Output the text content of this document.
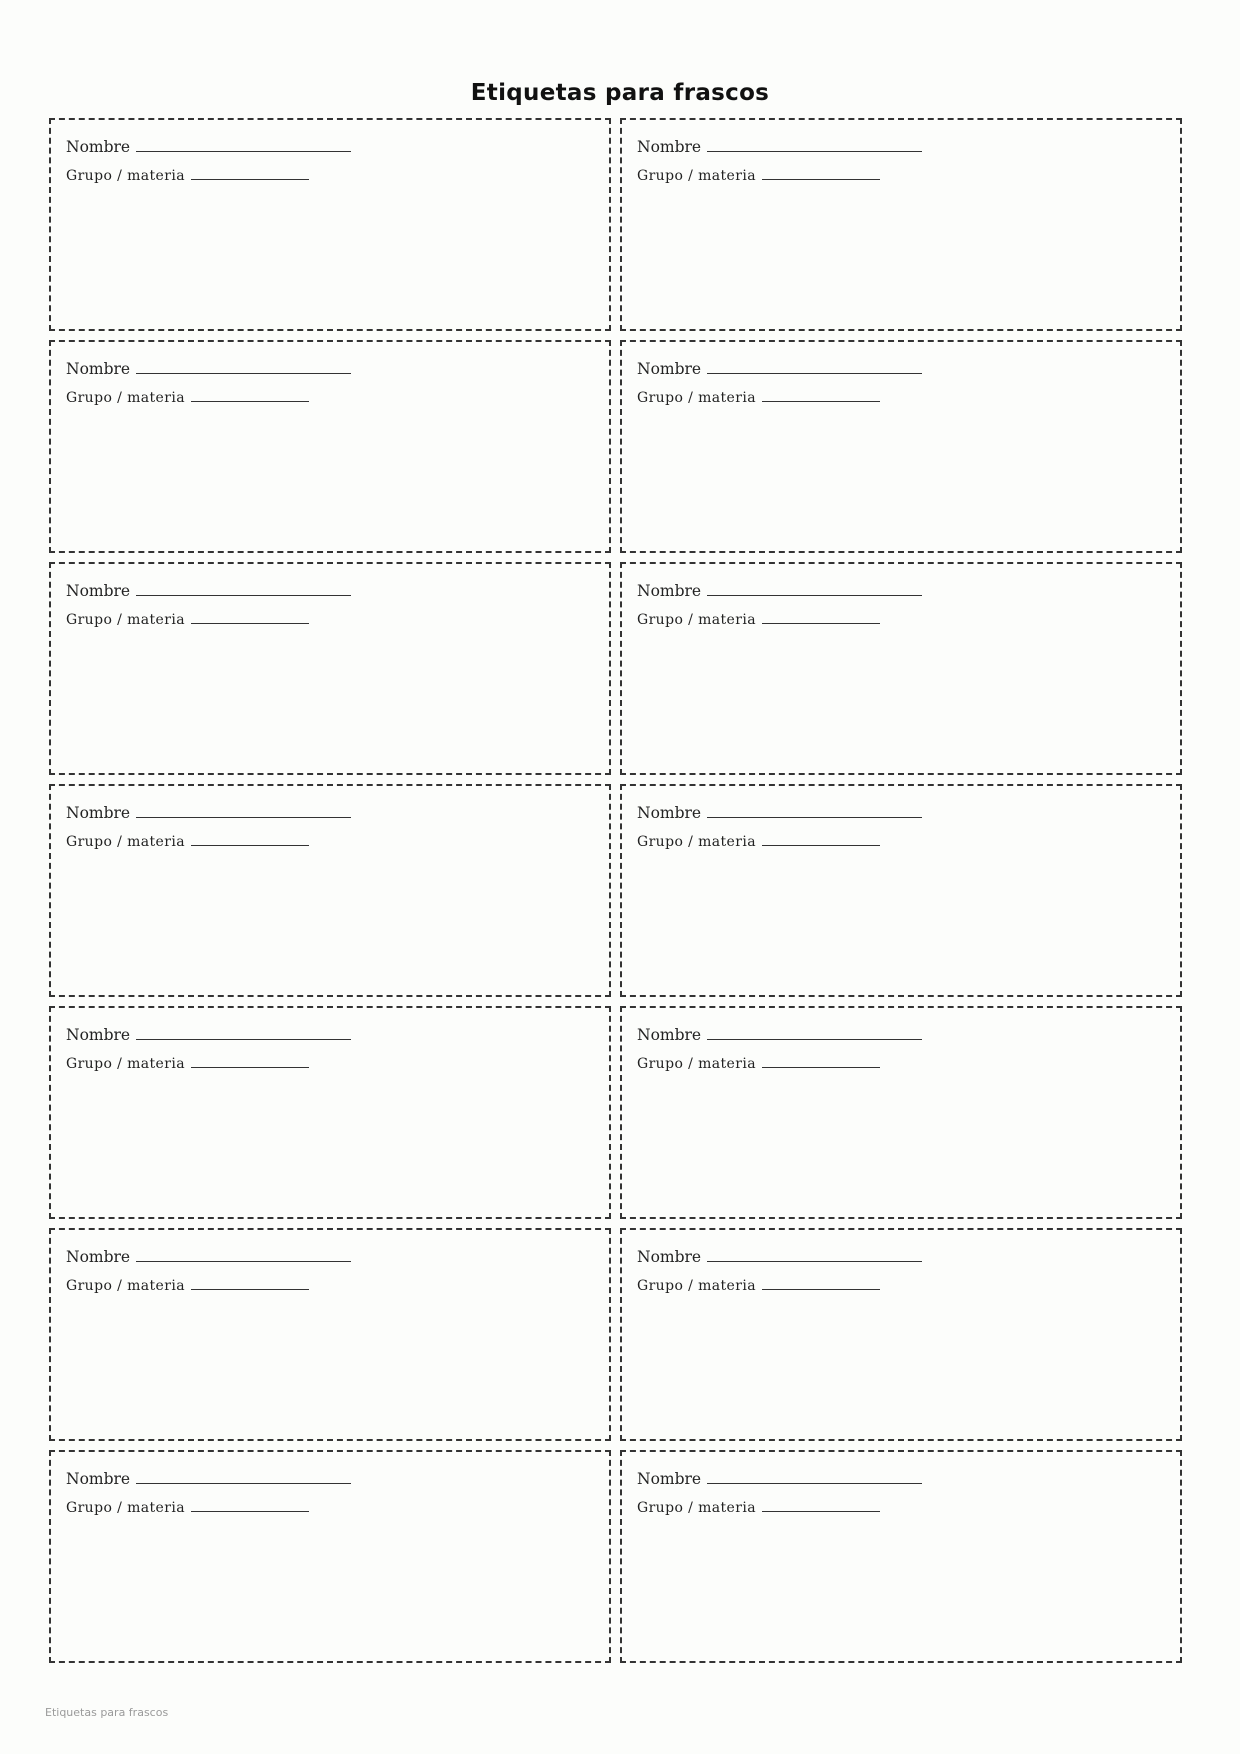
Etiquetas para frascos
Nombre
Grupo / materia
Nombre
Grupo / materia
Nombre
Grupo / materia
Nombre
Grupo / materia
Nombre
Grupo / materia
Nombre
Grupo / materia
Nombre
Grupo / materia
Nombre
Grupo / materia
Nombre
Grupo / materia
Nombre
Grupo / materia
Nombre
Grupo / materia
Nombre
Grupo / materia
Nombre
Grupo / materia
Nombre
Grupo / materia
Etiquetas para frascos
